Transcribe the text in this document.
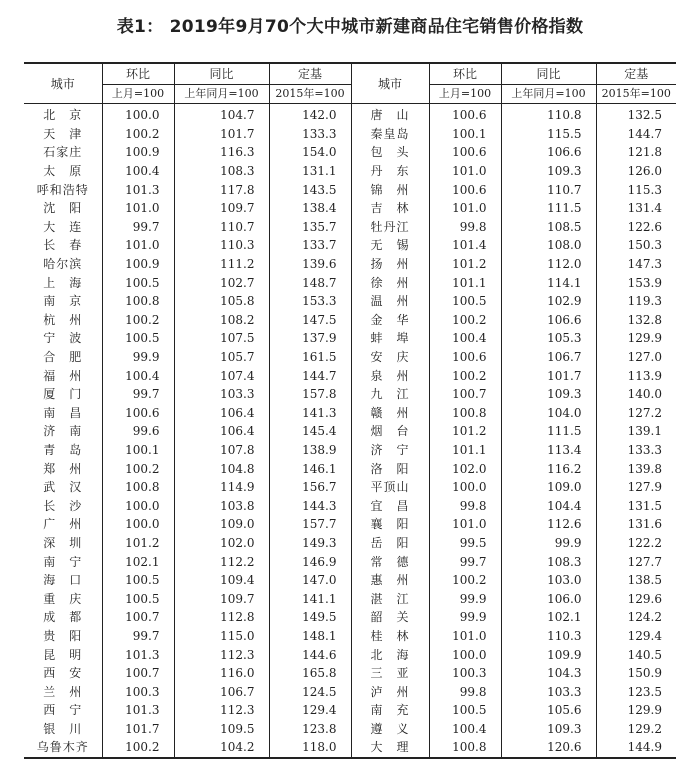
表1： 2019年9月70个大中城市新建商品住宅销售价格指数
城市	环比	同比	定基	城市	环比	同比	定基
	上月=100	上年同月=100	2015年=100		上月=100	上年同月=100	2015年=100
北　京	100.0	104.7	142.0	唐　山	100.6	110.8	132.5
天　津	100.2	101.7	133.3	秦皇岛	100.1	115.5	144.7
石家庄	100.9	116.3	154.0	包　头	100.6	106.6	121.8
太　原	100.4	108.3	131.1	丹　东	101.0	109.3	126.0
呼和浩特	101.3	117.8	143.5	锦　州	100.6	110.7	115.3
沈　阳	101.0	109.7	138.4	吉　林	101.0	111.5	131.4
大　连	99.7	110.7	135.7	牡丹江	99.8	108.5	122.6
长　春	101.0	110.3	133.7	无　锡	101.4	108.0	150.3
哈尔滨	100.9	111.2	139.6	扬　州	101.2	112.0	147.3
上　海	100.5	102.7	148.7	徐　州	101.1	114.1	153.9
南　京	100.8	105.8	153.3	温　州	100.5	102.9	119.3
杭　州	100.2	108.2	147.5	金　华	100.2	106.6	132.8
宁　波	100.5	107.5	137.9	蚌　埠	100.4	105.3	129.9
合　肥	99.9	105.7	161.5	安　庆	100.6	106.7	127.0
福　州	100.4	107.4	144.7	泉　州	100.2	101.7	113.9
厦　门	99.7	103.3	157.8	九　江	100.7	109.3	140.0
南　昌	100.6	106.4	141.3	赣　州	100.8	104.0	127.2
济　南	99.6	106.4	145.4	烟　台	101.2	111.5	139.1
青　岛	100.1	107.8	138.9	济　宁	101.1	113.4	133.3
郑　州	100.2	104.8	146.1	洛　阳	102.0	116.2	139.8
武　汉	100.8	114.9	156.7	平顶山	100.0	109.0	127.9
长　沙	100.0	103.8	144.3	宜　昌	99.8	104.4	131.5
广　州	100.0	109.0	157.7	襄　阳	101.0	112.6	131.6
深　圳	101.2	102.0	149.3	岳　阳	99.5	99.9	122.2
南　宁	102.1	112.2	146.9	常　德	99.7	108.3	127.7
海　口	100.5	109.4	147.0	惠　州	100.2	103.0	138.5
重　庆	100.5	109.7	141.1	湛　江	99.9	106.0	129.6
成　都	100.7	112.8	149.5	韶　关	99.9	102.1	124.2
贵　阳	99.7	115.0	148.1	桂　林	101.0	110.3	129.4
昆　明	101.3	112.3	144.6	北　海	100.0	109.9	140.5
西　安	100.7	116.0	165.8	三　亚	100.3	104.3	150.9
兰　州	100.3	106.7	124.5	泸　州	99.8	103.3	123.5
西　宁	101.3	112.3	129.4	南　充	100.5	105.6	129.9
银　川	101.7	109.5	123.8	遵　义	100.4	109.3	129.2
乌鲁木齐	100.2	104.2	118.0	大　理	100.8	120.6	144.9
